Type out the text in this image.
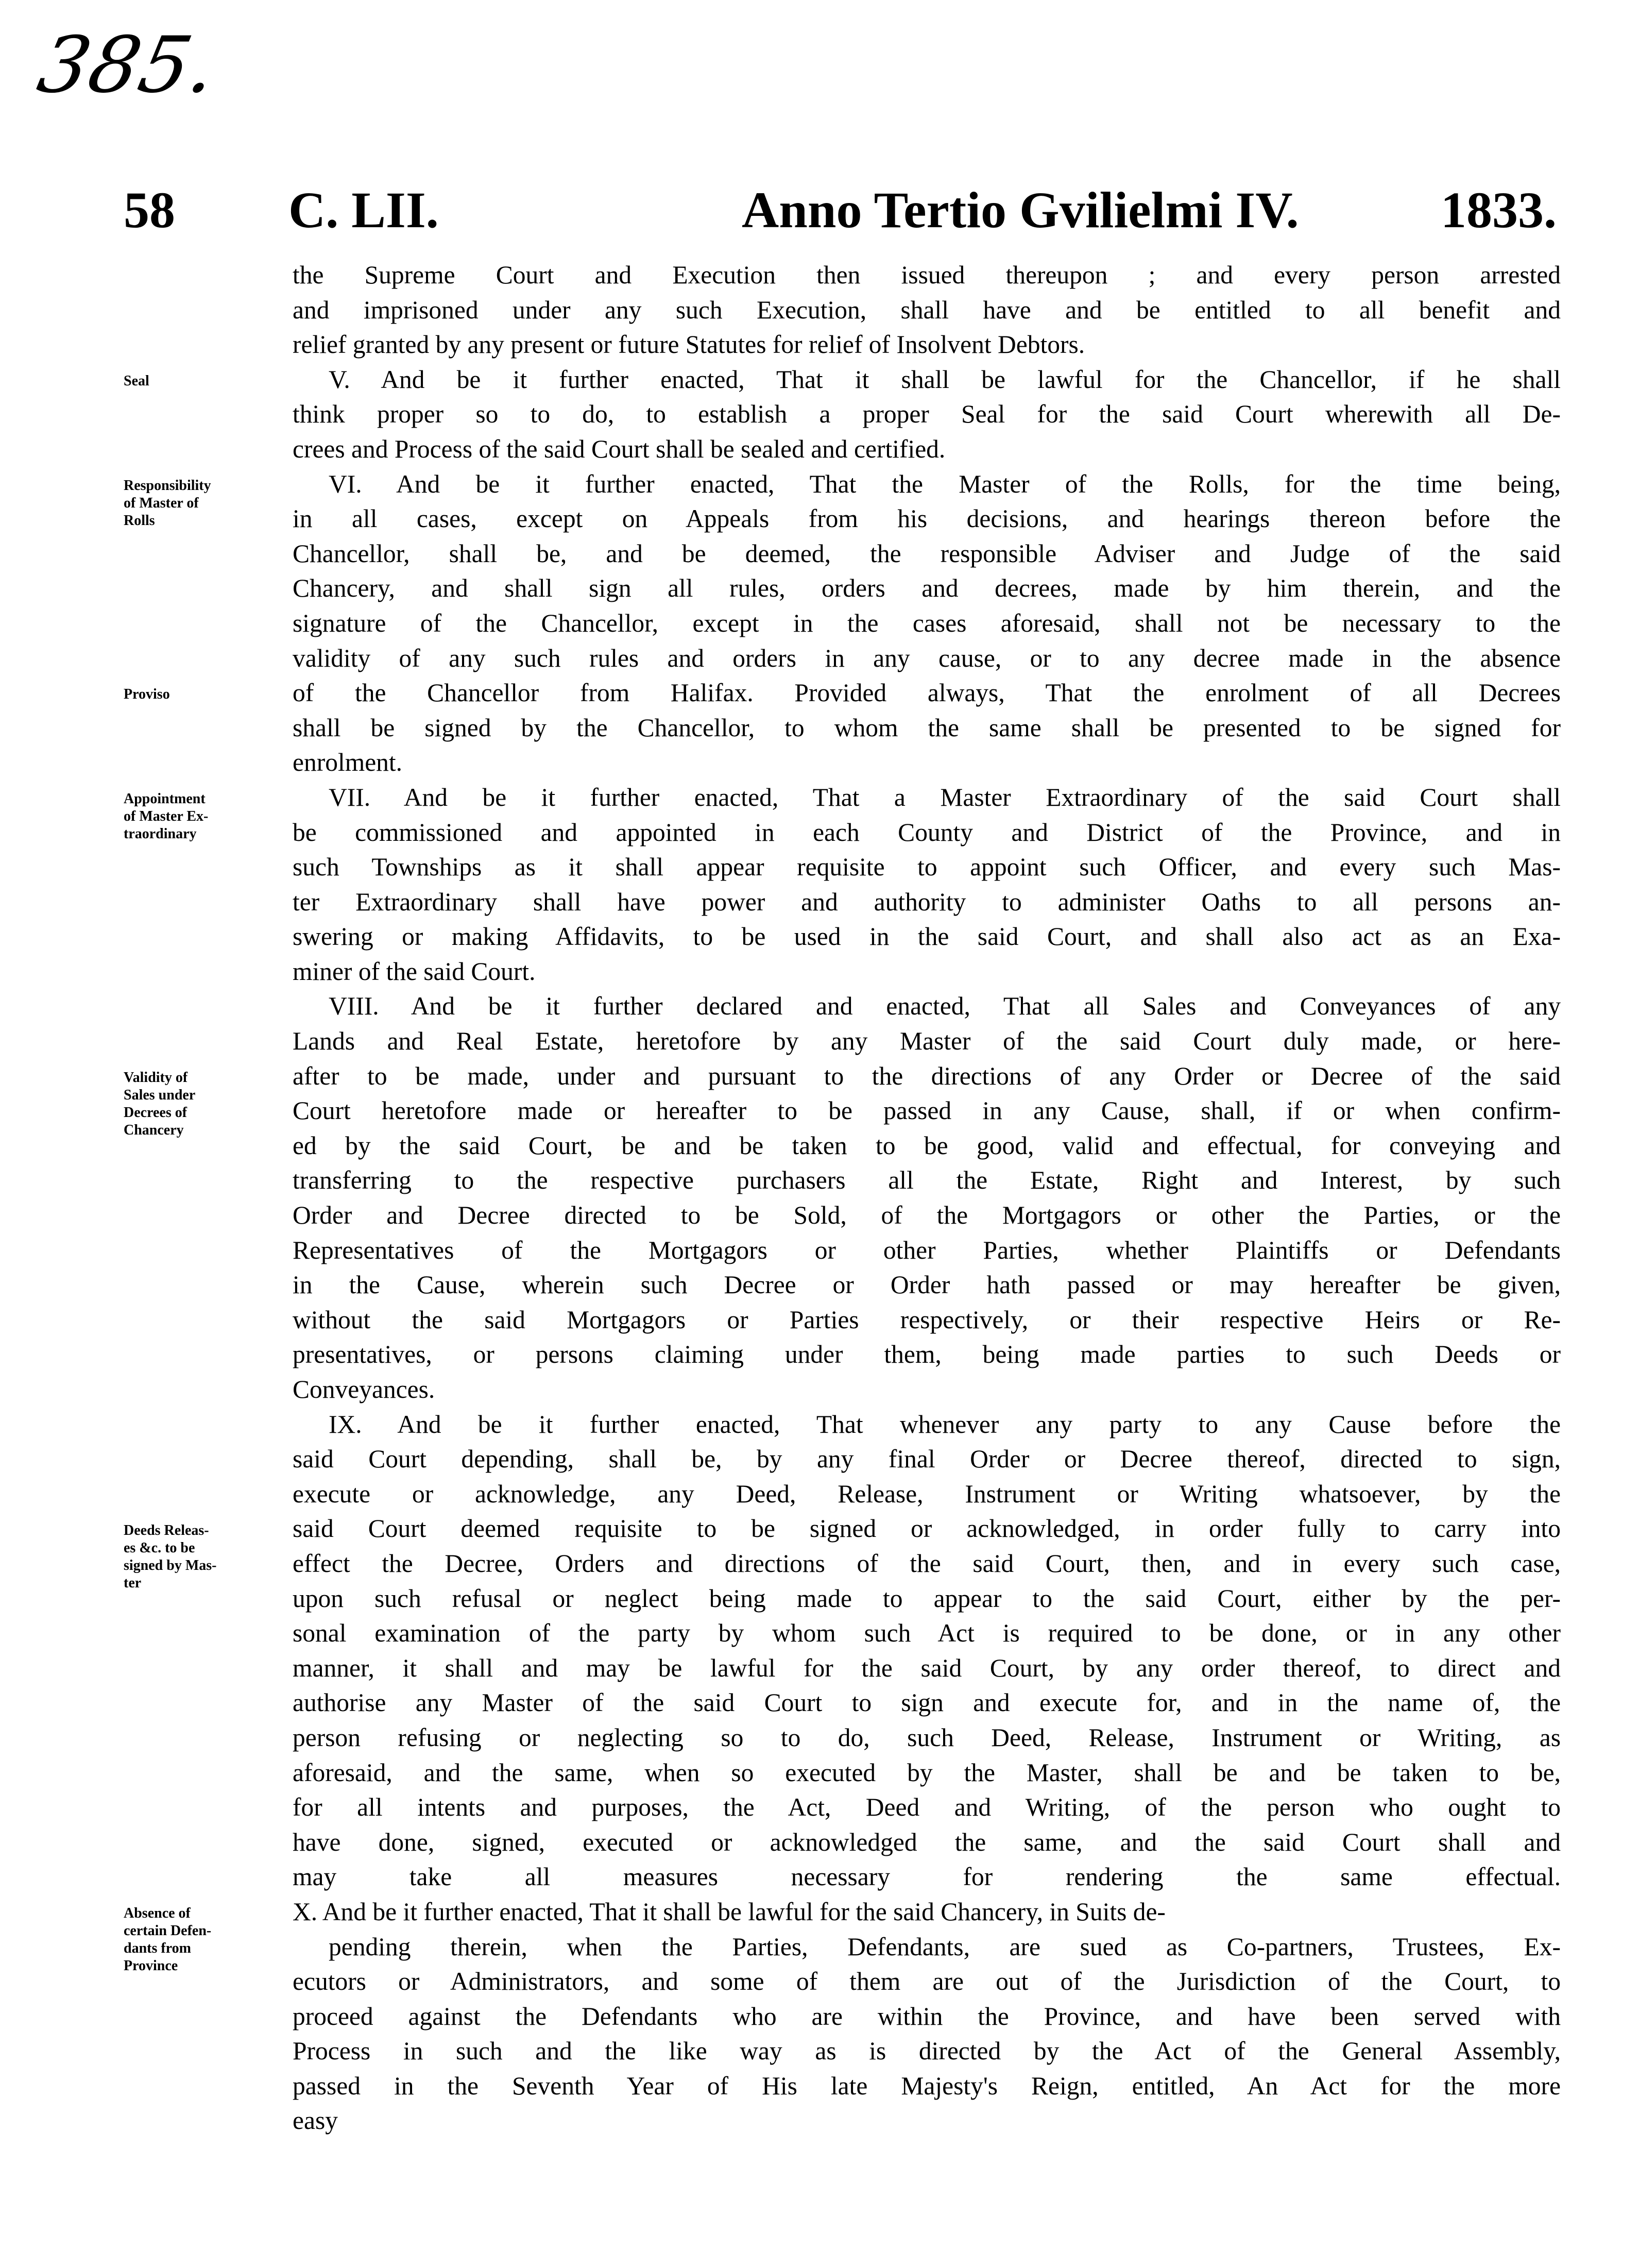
385.
58 C. LII.	Anno Tertio Gvilielmi IV.	1833.
Seal
Responsibility
of Master of
Rolls
Proviso
Appointment
of Master Ex-
traordinary
Validity of
Sales under
Decrees of
Chancery
Deeds Releas-
es &c. to be
signed by Mas-
ter
Absence of
certain Defen-
dants from
Province
the Supreme Court and Execution then issued thereupon ; and every person arrested
and imprisoned under any such Execution, shall have and be entitled to all benefit and
relief granted by any present or future Statutes for relief of Insolvent Debtors.
V. And be it further enacted, That it shall be lawful for the Chancellor, if he shall
think proper so to do, to establish a proper Seal for the said Court wherewith all De-
crees and Process of the said Court shall be sealed and certified.
VI. And be it further enacted, That the Master of the Rolls, for the time being,
in all cases, except on Appeals from his decisions, and hearings thereon before the
Chancellor, shall be, and be deemed, the responsible Adviser and Judge of the said
Chancery, and shall sign all rules, orders and decrees, made by him therein, and the
signature of the Chancellor, except in the cases aforesaid, shall not be necessary to the
validity of any such rules and orders in any cause, or to any decree made in the absence
of the Chancellor from Halifax. Provided always, That the enrolment of all Decrees
shall be signed by the Chancellor, to whom the same shall be presented to be signed for
enrolment.
VII. And be it further enacted, That a Master Extraordinary of the said Court shall
be commissioned and appointed in each County and District of the Province, and in
such Townships as it shall appear requisite to appoint such Officer, and every such Mas-
ter Extraordinary shall have power and authority to administer Oaths to all persons an-
swering or making Affidavits, to be used in the said Court, and shall also act as an Exa-
miner of the said Court.
VIII. And be it further declared and enacted, That all Sales and Conveyances of any
Lands and Real Estate, heretofore by any Master of the said Court duly made, or here-
after to be made, under and pursuant to the directions of any Order or Decree of the said
Court heretofore made or hereafter to be passed in any Cause, shall, if or when confirm-
ed by the said Court, be and be taken to be good, valid and effectual, for conveying and
transferring to the respective purchasers all the Estate, Right and Interest, by such
Order and Decree directed to be Sold, of the Mortgagors or other the Parties, or the
Representatives of the Mortgagors or other Parties, whether Plaintiffs or Defendants
in the Cause, wherein such Decree or Order hath passed or may hereafter be given,
without the said Mortgagors or Parties respectively, or their respective Heirs or Re-
presentatives, or persons claiming under them, being made parties to such Deeds or
Conveyances.
IX. And be it further enacted, That whenever any party to any Cause before the
said Court depending, shall be, by any final Order or Decree thereof, directed to sign,
execute or acknowledge, any Deed, Release, Instrument or Writing whatsoever, by the
said Court deemed requisite to be signed or acknowledged, in order fully to carry into
effect the Decree, Orders and directions of the said Court, then, and in every such case,
upon such refusal or neglect being made to appear to the said Court, either by the per-
sonal examination of the party by whom such Act is required to be done, or in any other
manner, it shall and may be lawful for the said Court, by any order thereof, to direct and
authorise any Master of the said Court to sign and execute for, and in the name of, the
person refusing or neglecting so to do, such Deed, Release, Instrument or Writing, as
aforesaid, and the same, when so executed by the Master, shall be and be taken to be,
for all intents and purposes, the Act, Deed and Writing, of the person who ought to
have done, signed, executed or acknowledged the same, and the said Court shall and
may take all measures necessary for rendering the same effectual.
X. And be it further enacted, That it shall be lawful for the said Chancery, in Suits de-
pending therein, when the Parties, Defendants, are sued as Co-partners, Trustees, Ex-
ecutors or Administrators, and some of them are out of the Jurisdiction of the Court, to
proceed against the Defendants who are within the Province, and have been served with
Process in such and the like way as is directed by the Act of the General Assembly,
passed in the Seventh Year of His late Majesty's Reign, entitled, An Act for the more
easy
